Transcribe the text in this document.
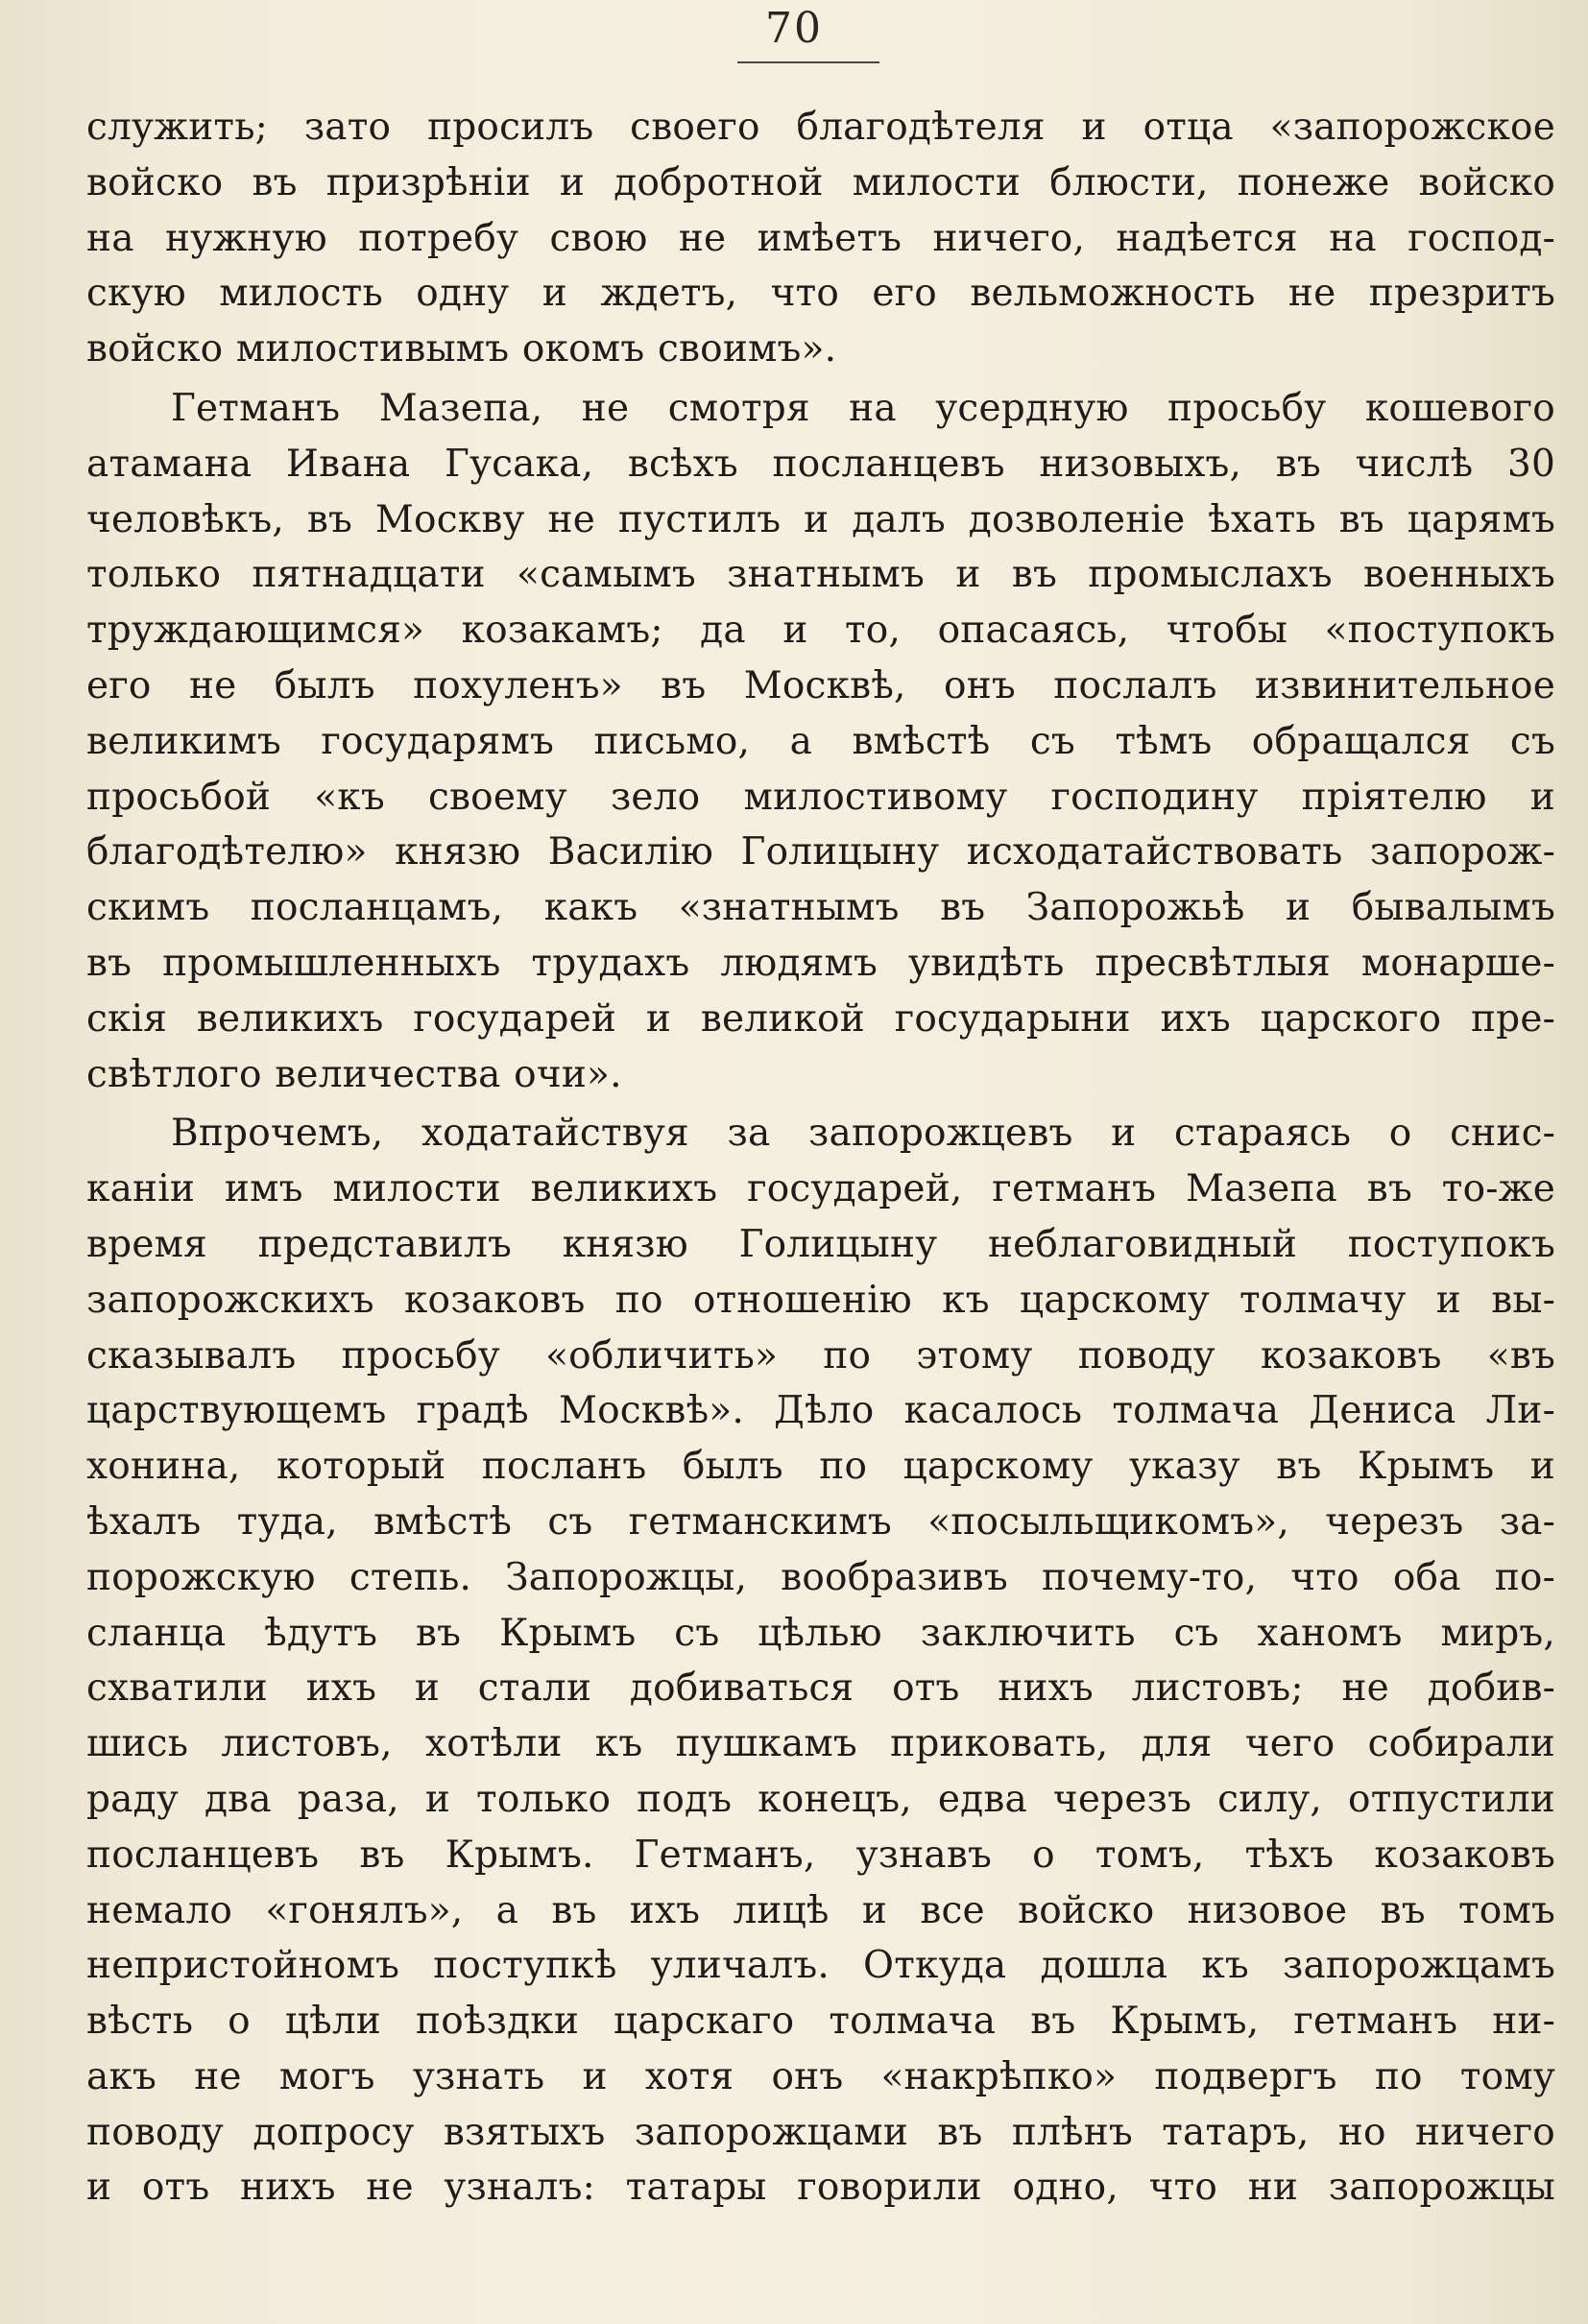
70
служить; зато просилъ своего благодѣтеля и отца «запорожское
войско въ призрѣніи и добротной милости блюсти, понеже войско
на нужную потребу свою не имѣетъ ничего, надѣется на господ-
скую милость одну и ждетъ, что его вельможность не презритъ
войско милостивымъ окомъ своимъ».
Гетманъ Мазепа, не смотря на усердную просьбу кошевого
атамана Ивана Гусака, всѣхъ посланцевъ низовыхъ, въ числѣ 30
человѣкъ, въ Москву не пустилъ и далъ дозволеніе ѣхать въ царямъ
только пятнадцати «самымъ знатнымъ и въ промыслахъ военныхъ
труждающимся» козакамъ; да и то, опасаясь, чтобы «поступокъ
его не былъ похуленъ» въ Москвѣ, онъ послалъ извинительное
великимъ государямъ письмо, а вмѣстѣ съ тѣмъ обращался съ
просьбой «къ своему зело милостивому господину пріятелю и
благодѣтелю» князю Василію Голицыну исходатайствовать запорож-
скимъ посланцамъ, какъ «знатнымъ въ Запорожьѣ и бывалымъ
въ промышленныхъ трудахъ людямъ увидѣть пресвѣтлыя монарше-
скія великихъ государей и великой государыни ихъ царского пре-
свѣтлого величества очи».
Впрочемъ, ходатайствуя за запорожцевъ и стараясь о сниc-
каніи имъ милости великихъ государей, гетманъ Мазепа въ то-же
время представилъ князю Голицыну неблаговидный поступокъ
запорожскихъ козаковъ по отношенію къ царскому толмачу и вы-
сказывалъ просьбу «обличить» по этому поводу козаковъ «въ
царствующемъ градѣ Москвѣ». Дѣло касалось толмача Дениса Ли-
хонина, который посланъ былъ по царскому указу въ Крымъ и
ѣхалъ туда, вмѣстѣ съ гетманскимъ «посыльщикомъ», черезъ за-
порожскую степь. Запорожцы, вообразивъ почему-то, что оба по-
сланца ѣдутъ въ Крымъ съ цѣлью заключить съ ханомъ миръ,
схватили ихъ и стали добиваться отъ нихъ листовъ; не добив-
шись листовъ, хотѣли къ пушкамъ приковать, для чего собирали
раду два раза, и только подъ конецъ, едва черезъ силу, отпустили
посланцевъ въ Крымъ. Гетманъ, узнавъ о томъ, тѣхъ козаковъ
немало «гонялъ», а въ ихъ лицѣ и все войско низовое въ томъ
непристойномъ поступкѣ уличалъ. Откуда дошла къ запорожцамъ
вѣсть о цѣли поѣздки царскаго толмача въ Крымъ, гетманъ ни-
акъ не могъ узнать и хотя онъ «накрѣпко» подвергъ по тому
поводу допросу взятыхъ запорожцами въ плѣнъ татаръ, но ничего
и отъ нихъ не узналъ: татары говорили одно, что ни запорожцы
